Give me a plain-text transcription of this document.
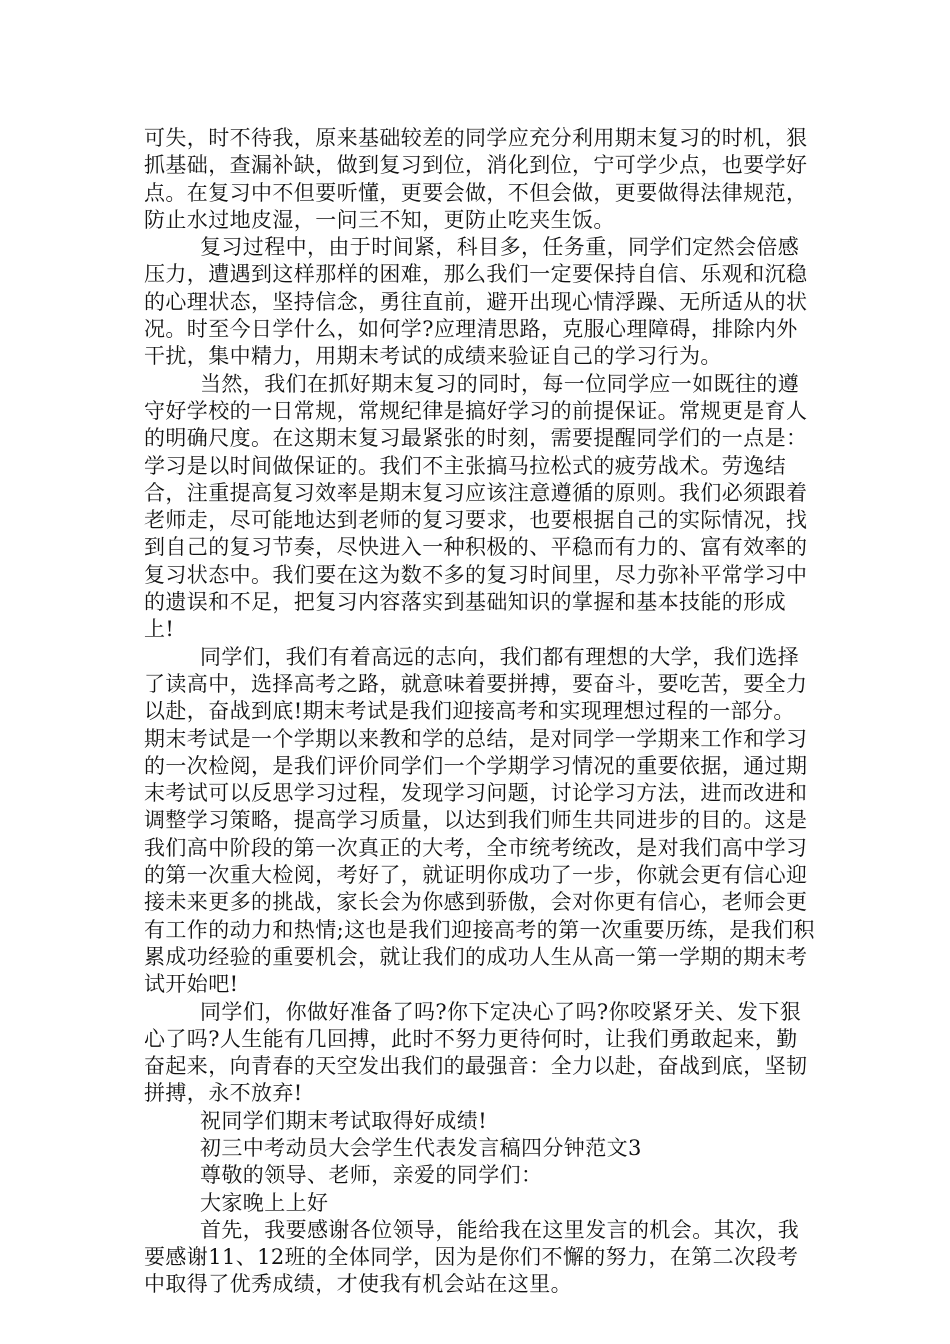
可失，时不待我，原来基础较差的同学应充分利用期末复习的时机，狠抓基础，查漏补缺，做到复习到位，消化到位，宁可学少点，也要学好点。在复习中不但要听懂，更要会做，不但会做，更要做得法律规范，防止水过地皮湿，一问三不知，更防止吃夹生饭。

复习过程中，由于时间紧，科目多，任务重，同学们定然会倍感压力，遭遇到这样那样的困难，那么我们一定要保持自信、乐观和沉稳的心理状态，坚持信念，勇往直前，避开出现心情浮躁、无所适从的状况。时至今日学什么，如何学?应理清思路，克服心理障碍，排除内外干扰，集中精力，用期末考试的成绩来验证自己的学习行为。

当然，我们在抓好期末复习的同时，每一位同学应一如既往的遵守好学校的一日常规，常规纪律是搞好学习的前提保证。常规更是育人的明确尺度。在这期末复习最紧张的时刻，需要提醒同学们的一点是：学习是以时间做保证的。我们不主张搞马拉松式的疲劳战术。劳逸结合，注重提高复习效率是期末复习应该注意遵循的原则。我们必须跟着老师走，尽可能地达到老师的复习要求，也要根据自己的实际情况，找到自己的复习节奏，尽快进入一种积极的、平稳而有力的、富有效率的复习状态中。我们要在这为数不多的复习时间里，尽力弥补平常学习中的遗误和不足，把复习内容落实到基础知识的掌握和基本技能的形成上!

同学们，我们有着高远的志向，我们都有理想的大学，我们选择了读高中，选择高考之路，就意味着要拼搏，要奋斗，要吃苦，要全力以赴，奋战到底!期末考试是我们迎接高考和实现理想过程的一部分。期末考试是一个学期以来教和学的总结，是对同学一学期来工作和学习的一次检阅，是我们评价同学们一个学期学习情况的重要依据，通过期末考试可以反思学习过程，发现学习问题，讨论学习方法，进而改进和调整学习策略，提高学习质量，以达到我们师生共同进步的目的。这是我们高中阶段的第一次真正的大考，全市统考统改，是对我们高中学习的第一次重大检阅，考好了，就证明你成功了一步，你就会更有信心迎接未来更多的挑战，家长会为你感到骄傲，会对你更有信心，老师会更有工作的动力和热情;这也是我们迎接高考的第一次重要历练，是我们积累成功经验的重要机会，就让我们的成功人生从高一第一学期的期末考试开始吧!

同学们，你做好准备了吗?你下定决心了吗?你咬紧牙关、发下狠心了吗?人生能有几回搏，此时不努力更待何时，让我们勇敢起来，勤奋起来，向青春的天空发出我们的最强音：全力以赴，奋战到底，坚韧拼搏，永不放弃!

祝同学们期末考试取得好成绩!

初三中考动员大会学生代表发言稿四分钟范文3

尊敬的领导、老师，亲爱的同学们：

大家晚上上好

首先，我要感谢各位领导，能给我在这里发言的机会。其次，我要感谢11、12班的全体同学，因为是你们不懈的努力，在第二次段考中取得了优秀成绩，才使我有机会站在这里。
